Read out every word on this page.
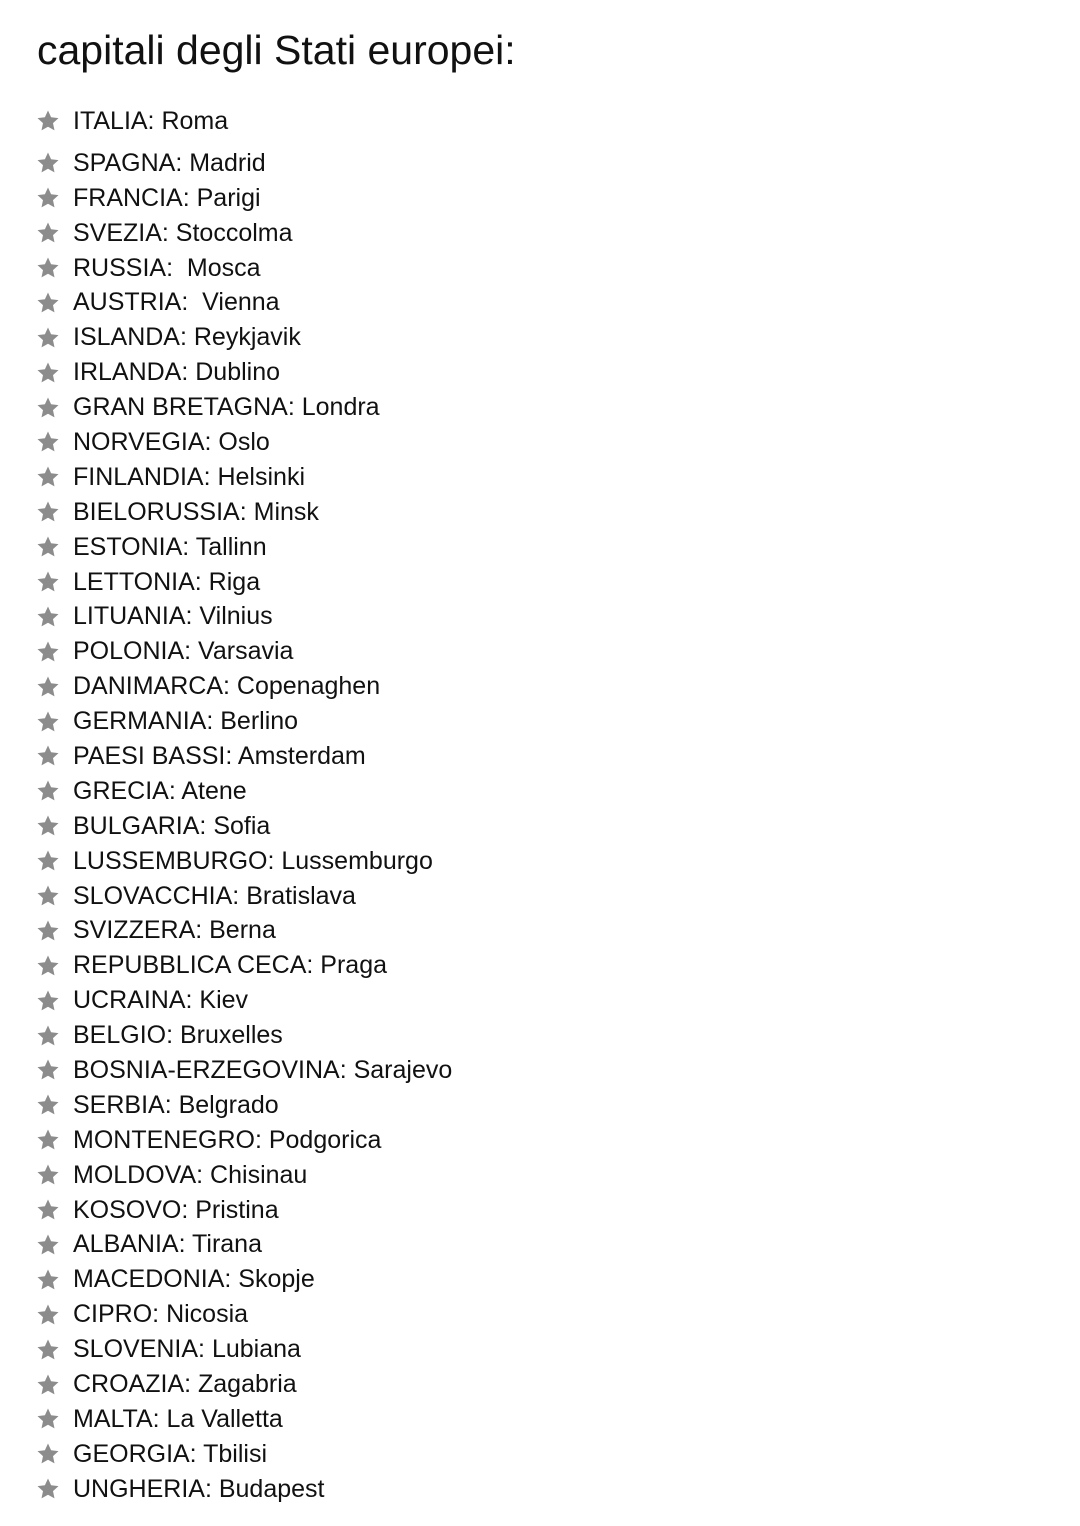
capitali degli Stati europei:
ITALIA: Roma
SPAGNA: Madrid
FRANCIA: Parigi
SVEZIA: Stoccolma
RUSSIA:  Mosca
AUSTRIA:  Vienna
ISLANDA: Reykjavik
IRLANDA: Dublino
GRAN BRETAGNA: Londra
NORVEGIA: Oslo
FINLANDIA: Helsinki
BIELORUSSIA: Minsk
ESTONIA: Tallinn
LETTONIA: Riga
LITUANIA: Vilnius
POLONIA: Varsavia
DANIMARCA: Copenaghen
GERMANIA: Berlino
PAESI BASSI: Amsterdam
GRECIA: Atene
BULGARIA: Sofia
LUSSEMBURGO: Lussemburgo
SLOVACCHIA: Bratislava
SVIZZERA: Berna
REPUBBLICA CECA: Praga
UCRAINA: Kiev
BELGIO: Bruxelles
BOSNIA-ERZEGOVINA: Sarajevo
SERBIA: Belgrado
MONTENEGRO: Podgorica
MOLDOVA: Chisinau
KOSOVO: Pristina
ALBANIA: Tirana
MACEDONIA: Skopje
CIPRO: Nicosia
SLOVENIA: Lubiana
CROAZIA: Zagabria
MALTA: La Valletta
GEORGIA: Tbilisi
UNGHERIA: Budapest
